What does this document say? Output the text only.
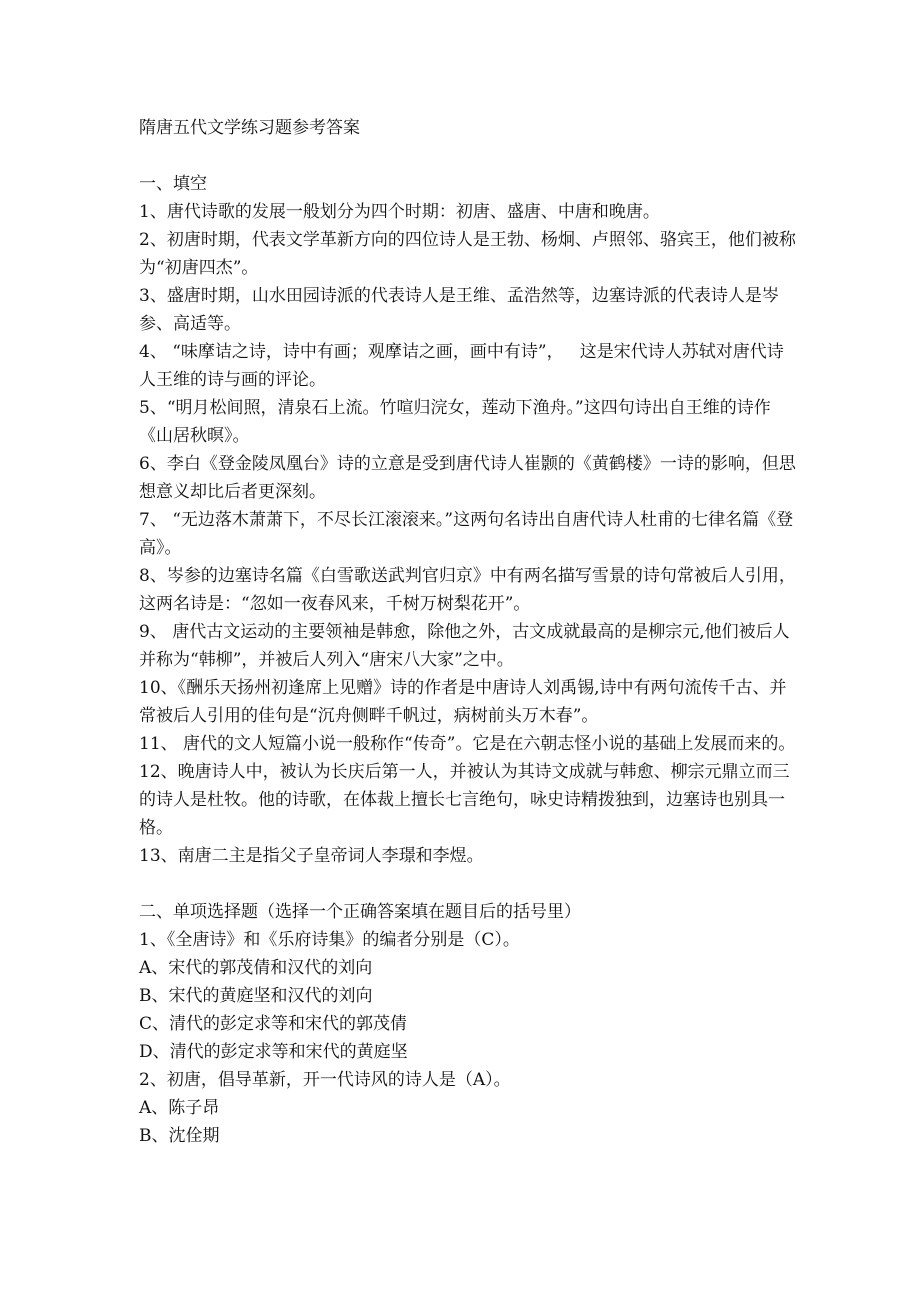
隋唐五代文学练习题参考答案

一、填空

1、唐代诗歌的发展一般划分为四个时期：初唐、盛唐、中唐和晚唐。

2、初唐时期，代表文学革新方向的四位诗人是王勃、杨炯、卢照邻、骆宾王，他们被称为“初唐四杰”。

3、盛唐时期，山水田园诗派的代表诗人是王维、孟浩然等，边塞诗派的代表诗人是岑参、高适等。

4、 “味摩诘之诗，诗中有画；观摩诘之画，画中有诗”，   这是宋代诗人苏轼对唐代诗人王维的诗与画的评论。

5、“明月松间照，清泉石上流。竹喧归浣女，莲动下渔舟。”这四句诗出自王维的诗作《山居秋暝》。

6、李白《登金陵凤凰台》诗的立意是受到唐代诗人崔颢的《黄鹤楼》一诗的影响，但思想意义却比后者更深刻。

7、 “无边落木萧萧下，不尽长江滚滚来。”这两句名诗出自唐代诗人杜甫的七律名篇《登高》。

8、岑参的边塞诗名篇《白雪歌送武判官归京》中有两名描写雪景的诗句常被后人引用，这两名诗是：“忽如一夜春风来，千树万树梨花开”。

9、 唐代古文运动的主要领袖是韩愈，除他之外，古文成就最高的是柳宗元,他们被后人并称为“韩柳”，并被后人列入“唐宋八大家”之中。

10、《酬乐天扬州初逢席上见赠》诗的作者是中唐诗人刘禹锡,诗中有两句流传千古、并常被后人引用的佳句是“沉舟侧畔千帆过，病树前头万木春”。

11、 唐代的文人短篇小说一般称作“传奇”。它是在六朝志怪小说的基础上发展而来的。

12、晚唐诗人中，被认为长庆后第一人，并被认为其诗文成就与韩愈、柳宗元鼎立而三的诗人是杜牧。他的诗歌，在体裁上擅长七言绝句，咏史诗精拨独到，边塞诗也别具一格。

13、南唐二主是指父子皇帝词人李璟和李煜。

二、单项选择题（选择一个正确答案填在题目后的括号里）

1、《全唐诗》和《乐府诗集》的编者分别是（C）。

A、宋代的郭茂倩和汉代的刘向

B、宋代的黄庭坚和汉代的刘向

C、清代的彭定求等和宋代的郭茂倩

D、清代的彭定求等和宋代的黄庭坚

2、初唐，倡导革新，开一代诗风的诗人是（A）。

A、陈子昂

B、沈佺期
